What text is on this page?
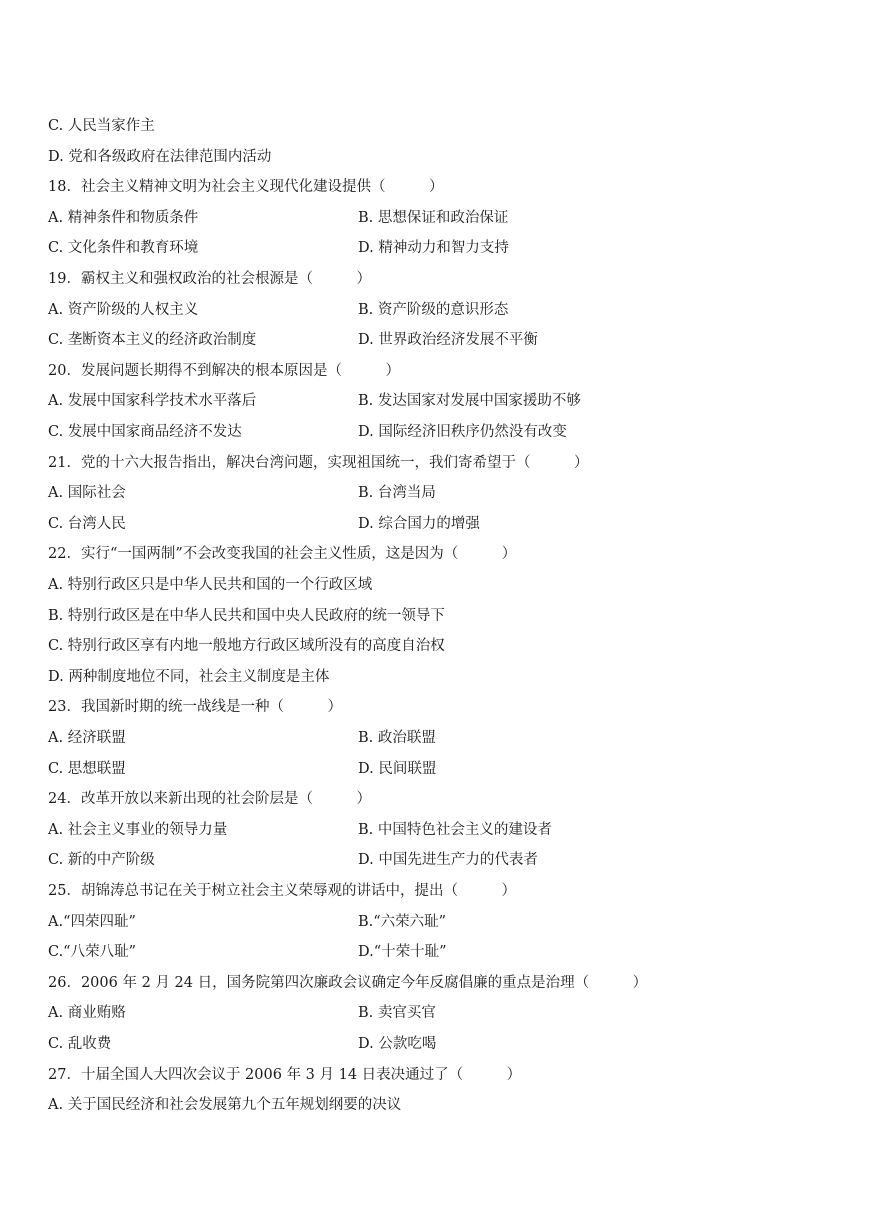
C. 人民当家作主
D. 党和各级政府在法律范围内活动
18．社会主义精神文明为社会主义现代化建设提供（　　　）
A. 精神条件和物质条件	B. 思想保证和政治保证
C. 文化条件和教育环境	D. 精神动力和智力支持
19．霸权主义和强权政治的社会根源是（　　　）
A. 资产阶级的人权主义	B. 资产阶级的意识形态
C. 垄断资本主义的经济政治制度	D. 世界政治经济发展不平衡
20．发展问题长期得不到解决的根本原因是（　　　）
A. 发展中国家科学技术水平落后	B. 发达国家对发展中国家援助不够
C. 发展中国家商品经济不发达	D. 国际经济旧秩序仍然没有改变
21．党的十六大报告指出，解决台湾问题，实现祖国统一，我们寄希望于（　　　）
A. 国际社会	B. 台湾当局
C. 台湾人民	D. 综合国力的增强
22．实行“一国两制”不会改变我国的社会主义性质，这是因为（　　　）
A. 特别行政区只是中华人民共和国的一个行政区域
B. 特别行政区是在中华人民共和国中央人民政府的统一领导下
C. 特别行政区享有内地一般地方行政区域所没有的高度自治权
D. 两种制度地位不同，社会主义制度是主体
23．我国新时期的统一战线是一种（　　　）
A. 经济联盟	B. 政治联盟
C. 思想联盟	D. 民间联盟
24．改革开放以来新出现的社会阶层是（　　　）
A. 社会主义事业的领导力量	B. 中国特色社会主义的建设者
C. 新的中产阶级	D. 中国先进生产力的代表者
25．胡锦涛总书记在关于树立社会主义荣辱观的讲话中，提出（　　　）
A.“四荣四耻”	B.“六荣六耻”
C.“八荣八耻”	D.“十荣十耻”
26．2006 年 2 月 24 日，国务院第四次廉政会议确定今年反腐倡廉的重点是治理（　　　）
A. 商业贿赂	B. 卖官买官
C. 乱收费	D. 公款吃喝
27．十届全国人大四次会议于 2006 年 3 月 14 日表决通过了（　　　）
A. 关于国民经济和社会发展第九个五年规划纲要的决议
